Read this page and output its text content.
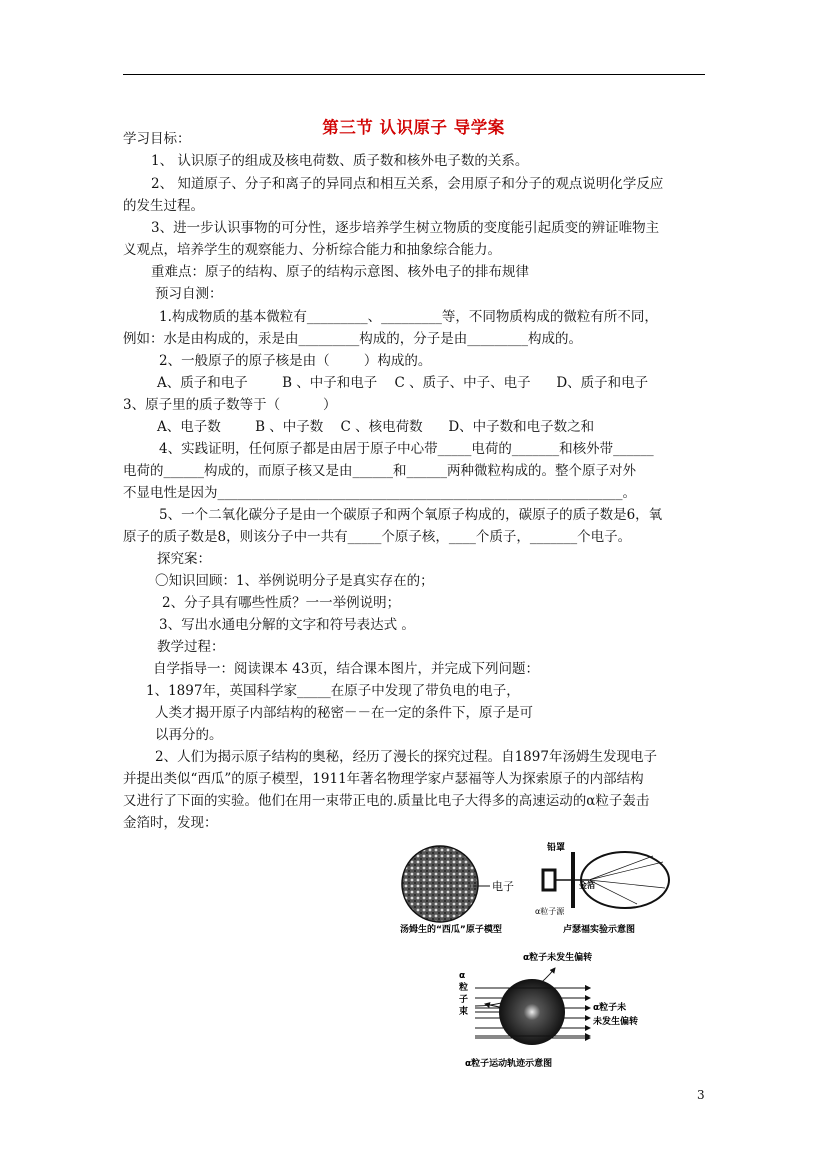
第三节 认识原子 导学案
学习目标：
1、 认识原子的组成及核电荷数、质子数和核外电子数的关系。
2、 知道原子、分子和离子的异同点和相互关系，会用原子和分子的观点说明化学反应
的发生过程。
3、进一步认识事物的可分性，逐步培养学生树立物质的变度能引起质变的辨证唯物主
义观点，培养学生的观察能力、分析综合能力和抽象综合能力。
重难点：原子的结构、原子的结构示意图、核外电子的排布规律
预习自测：
1.构成物质的基本微粒有_________、_________等，不同物质构成的微粒有所不同，
例如：水是由构成的，汞是由_________构成的，分子是由_________构成的。
2、一般原子的原子核是由（        ）构成的。
A、质子和电子        B 、中子和电子    C 、质子、中子、电子      D、质子和电子
3、原子里的质子数等于（          ）
A、电子数        B 、中子数    C 、核电荷数      D、中子数和电子数之和
4、实践证明，任何原子都是由居于原子中心带_____电荷的_______和核外带______
电荷的______构成的，而原子核又是由______和______两种微粒构成的。整个原子对外
不显电性是因为____________________________________________________________。
5、一个二氧化碳分子是由一个碳原子和两个氧原子构成的，碳原子的质子数是6，氧
原子的质子数是8，则该分子中一共有_____个原子核，____个质子，_______个电子。
探究案：
〇知识回顾：1、举例说明分子是真实存在的；
2、分子具有哪些性质？一一举例说明；
3、写出水通电分解的文字和符号表达式 。
教学过程：
自学指导一：阅读课本 43页，结合课本图片，并完成下列问题：
1、1897年，英国科学家_____在原子中发现了带负电的电子，
人类才揭开原子内部结构的秘密－－在一定的条件下，原子是可
以再分的。
2、人们为揭示原子结构的奥秘，经历了漫长的探究过程。自1897年汤姆生发现电子
并提出类似“西瓜”的原子模型，1911年著名物理学家卢瑟福等人为探索原子的内部结构
又进行了下面的实验。他们在用一束带正电的.质量比电子大得多的高速运动的α粒子轰击
金箔时，发现：
电子
汤姆生的“西瓜”原子模型
铅罩
金箔
α粒子源
卢瑟福实验示意图
α粒子未发生偏转
α 粒子束	α粒子未
未发生偏转
α粒子运动轨迹示意图
3
